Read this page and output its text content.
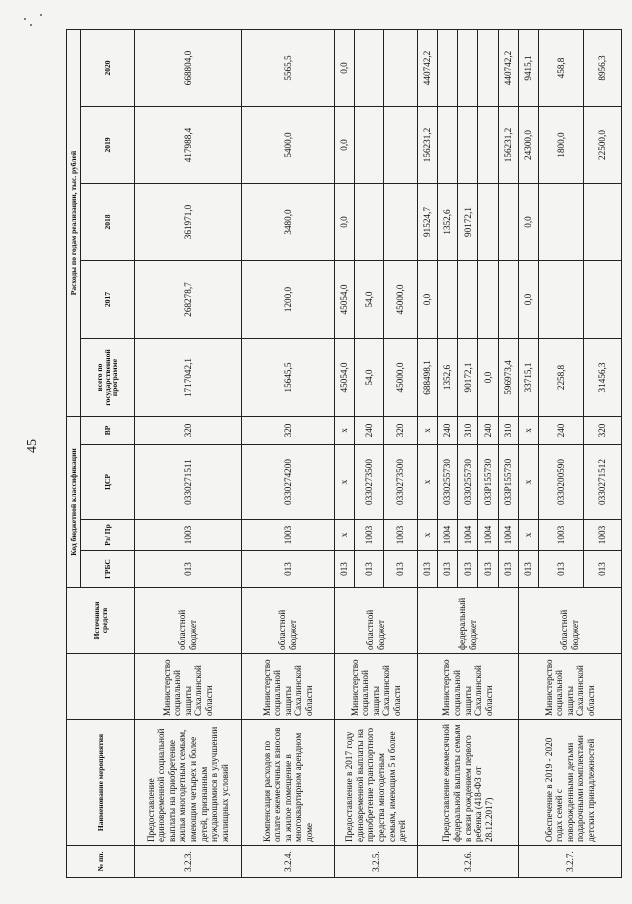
45
№ пп.	Наименование мероприятия		Источники средств	Код бюджетной классификации				Расходы по годам реализации, тыс. рублей				
				ГРБС	Рз/ Пр	ЦСР	ВР	всего по государственной программе	2017	2018	2019	2020
3.2.3.	Предоставление единовременной социальной выплаты на приобретение жилья многодетным семьям, имеющим четырех и более детей, признанным нуждающимися в улучшении жилищных условий	Министерство социальной защиты Сахалинской области	областной бюджет	013	1003	0330271511	320	1717042,1	268278,7	361971,0	417988,4	668804,0
3.2.4.	Компенсация расходов по оплате ежемесячных взносов за жилое помещение в многоквартирном арендном доме	Министерство социальной защиты Сахалинской области	областной бюджет	013	1003	0330274200	320	15645,5	1200,0	3480,0	5400,0	5565,5
3.2.5.	Предоставление в 2017 году единовременной выплаты на приобретение транспортного средства многодетным семьям, имеющим 5 и более детей	Министерство социальной защиты Сахалинской области	областной бюджет	013	х	х	х	45054,0	45054,0	0,0	0,0	0,0
				013	1003	0330273500	240	54,0	54,0			
				013	1003	0330273500	320	45000,0	45000,0			
3.2.6.	Предоставление ежемесячной федеральной выплаты семьям в связи рождением первого ребенка (418-ФЗ от 28.12.2017)	Министерство социальной защиты Сахалинской области	федеральный бюджет	013	х	х	х	688498,1	0,0	91524,7	156231,2	440742,2
				013	1004	0330255730	240	1352,6		1352,6		
				013	1004	0330255730	310	90172,1		90172,1		
				013	1004	033Р155730	240	0,0				
				013	1004	033Р155730	310	596973,4			156231,2	440742,2
3.2.7.	Обеспечение в 2019 - 2020 годах семей с новорожденными детьми подарочными комплектами детских принадлежностей	Министерство социальной защиты Сахалинской области	областной бюджет	013	х	х	х	33715,1	0,0	0,0	24300,0	9415,1
				013	1003	0330200590	240	2258,8			1800,0	458,8
				013	1003	0330271512	320	31456,3			22500,0	8956,3
